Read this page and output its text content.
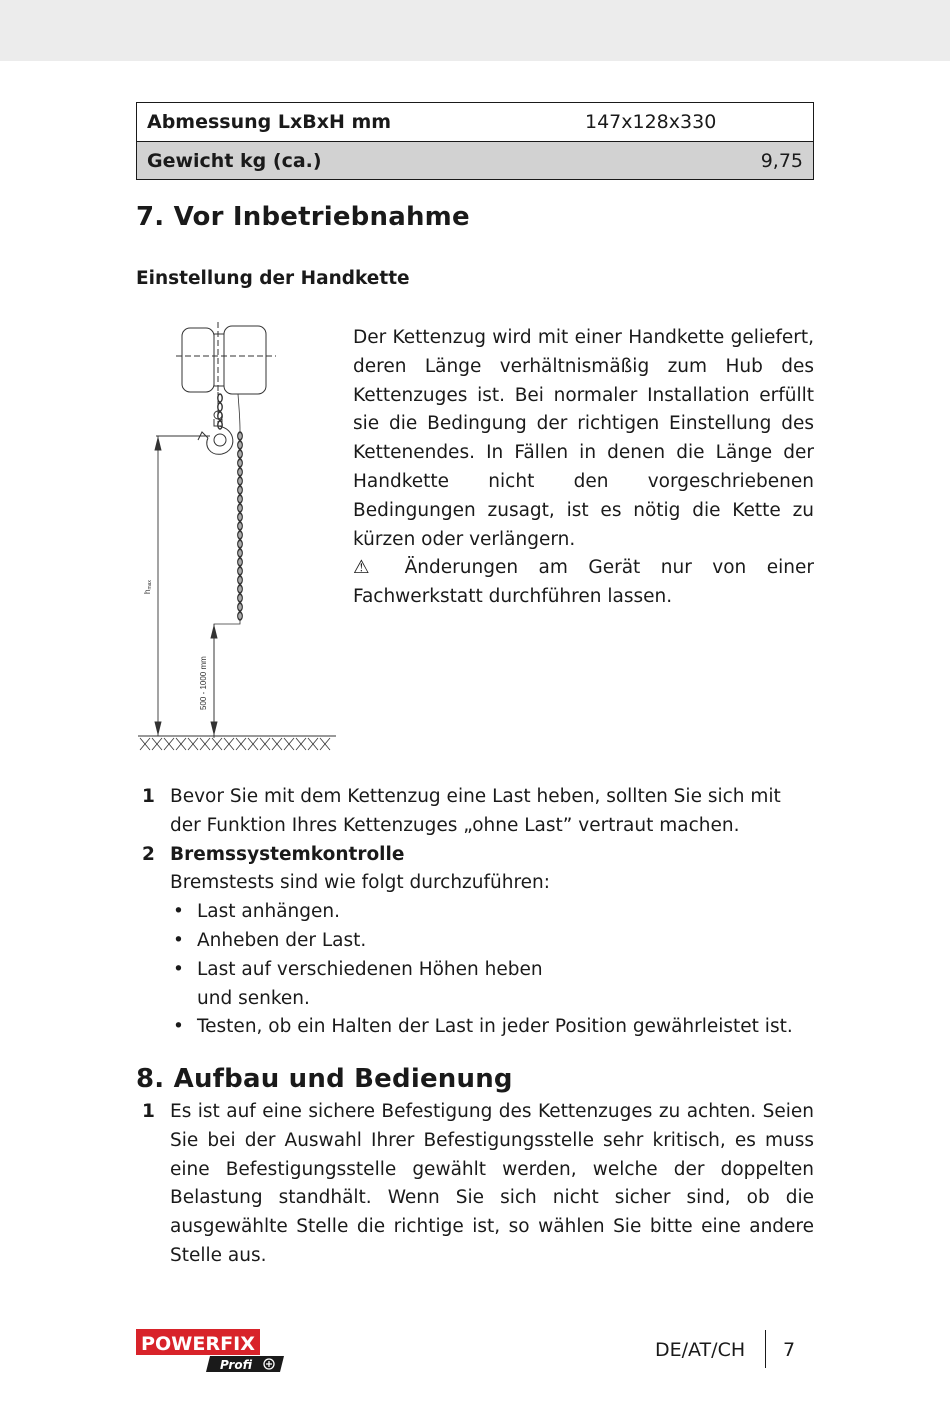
Abmessung LxBxH mm	147x128x330
Gewicht kg (ca.)	9,75
7. Vor Inbetriebnahme
Einstellung der Handkette
hmax
500 - 1000 mm

Der Kettenzug wird mit einer Handkette geliefert, deren Länge verhältnismäßig zum Hub des Kettenzuges ist. Bei normaler Installation erfüllt sie die Bedingung der richtigen Einstellung des Kettenendes. In Fällen in denen die Länge der Handkette nicht den vorgeschriebenen Bedingungen zusagt, ist es nötig die Kette zu kürzen oder verlängern.

⚠ Änderungen am Gerät nur von einer Fachwerkstatt durchführen lassen.

1 Bevor Sie mit dem Kettenzug eine Last heben, sollten Sie sich mit der Funktion Ihres Kettenzuges „ohne Last” vertraut machen.
2 Bremssystemkontrolle
Bremstests sind wie folgt durchzuführen:
• Last anhängen.
• Anheben der Last.
• Last auf verschiedenen Höhen heben und senken.
• Testen, ob ein Halten der Last in jeder Position gewährleistet ist.
8. Aufbau und Bedienung
1 Es ist auf eine sichere Befestigung des Kettenzuges zu achten. Seien Sie bei der Auswahl Ihrer Befestigungsstelle sehr kritisch, es muss eine Befestigungsstelle gewählt werden, welche der doppelten Belastung standhält. Wenn Sie sich nicht sicher sind, ob die ausgewählte Stelle die richtige ist, so wählen Sie bitte eine andere Stelle aus.
POWERFIX
Profi
DE/AT/CH 7
